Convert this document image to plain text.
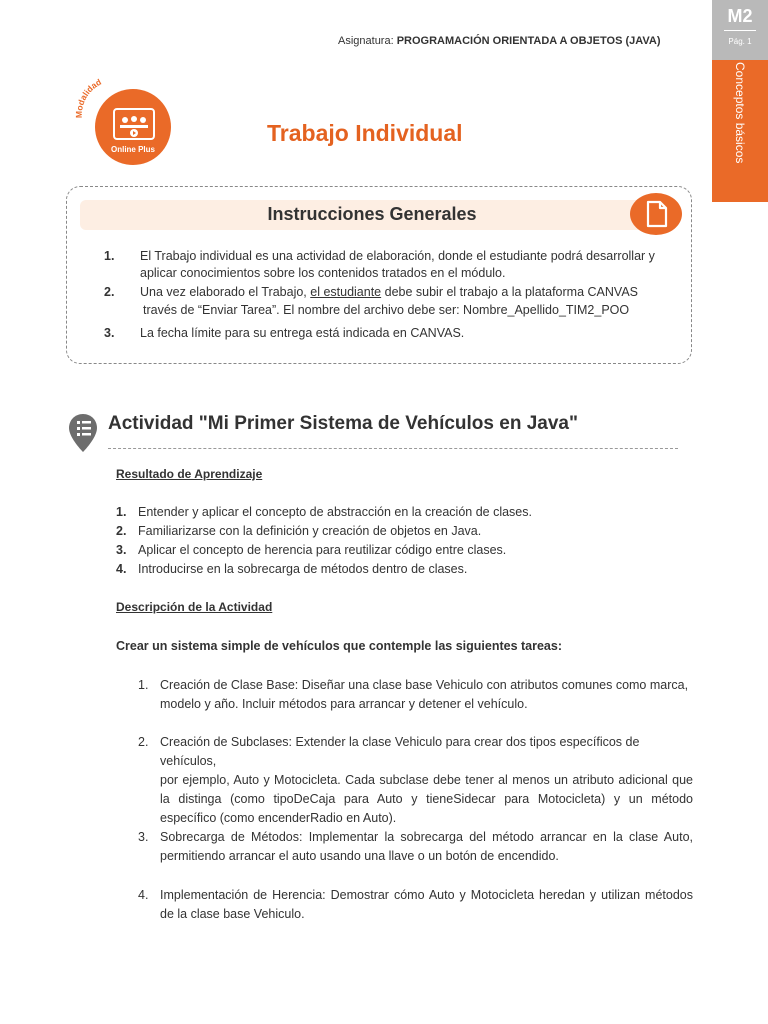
Asignatura: PROGRAMACIÓN ORIENTADA A OBJETOS (JAVA)
M2
Pág. 1
Conceptos básicos
Modalidad
Online Plus
Trabajo Individual
Instrucciones Generales
1. El Trabajo individual es una actividad de elaboración, donde el estudiante podrá desarrollar y
aplicar conocimientos sobre los contenidos tratados en el módulo.
2. Una vez elaborado el Trabajo, el estudiante debe subir el trabajo a la plataforma CANVAS
través de “Enviar Tarea”. El nombre del archivo debe ser: Nombre_Apellido_TIM2_POO
3. La fecha límite para su entrega está indicada en CANVAS.
Actividad "Mi Primer Sistema de Vehículos en Java"
Resultado de Aprendizaje
1. Entender y aplicar el concepto de abstracción en la creación de clases.
2. Familiarizarse con la definición y creación de objetos en Java.
3. Aplicar el concepto de herencia para reutilizar código entre clases.
4. Introducirse en la sobrecarga de métodos dentro de clases.
Descripción de la Actividad
Crear un sistema simple de vehículos que contemple las siguientes tareas:
1. Creación de Clase Base: Diseñar una clase base Vehiculo con atributos comunes como marca,
modelo y año. Incluir métodos para arrancar y detener el vehículo.
2. Creación de Subclases: Extender la clase Vehiculo para crear dos tipos específicos de vehículos,
por ejemplo, Auto y Motocicleta. Cada subclase debe tener al menos un atributo adicional que
la distinga (como tipoDeCaja para Auto y tieneSidecar para Motocicleta) y un método
específico (como encenderRadio en Auto).
3. Sobrecarga de Métodos: Implementar la sobrecarga del método arrancar en la clase Auto,
permitiendo arrancar el auto usando una llave o un botón de encendido.
4. Implementación de Herencia: Demostrar cómo Auto y Motocicleta heredan y utilizan métodos
de la clase base Vehiculo.
